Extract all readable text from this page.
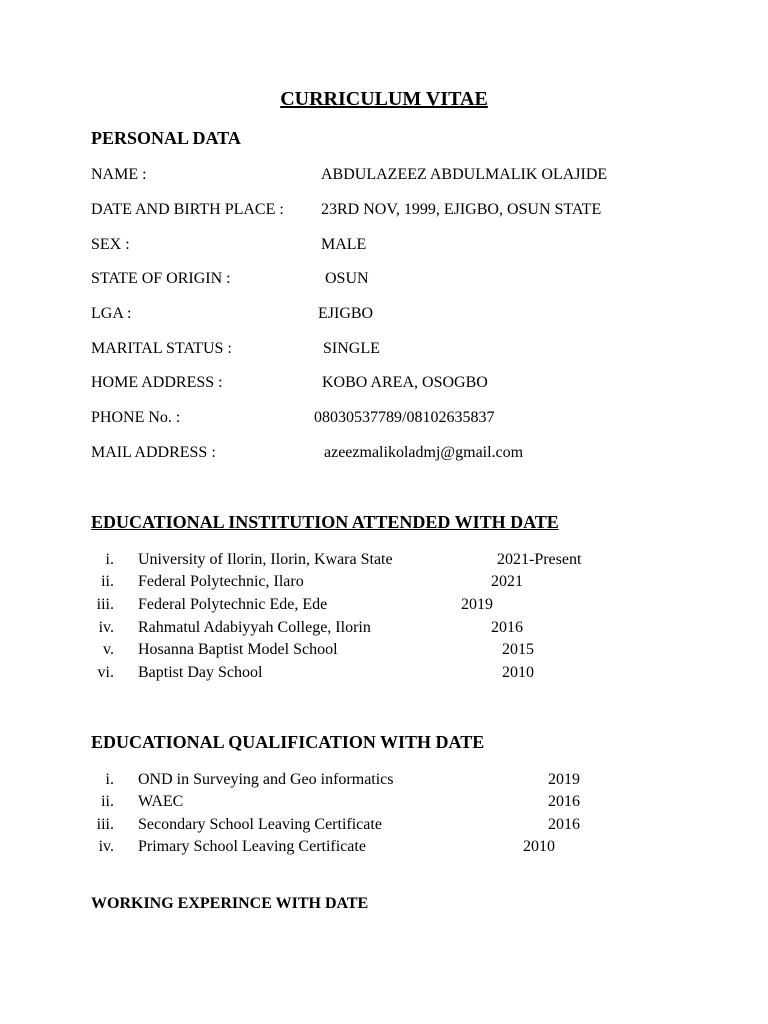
CURRICULUM VITAE
PERSONAL DATA
NAME :	ABDULAZEEZ ABDULMALIK OLAJIDE
DATE AND BIRTH PLACE : 23RD NOV, 1999, EJIGBO, OSUN STATE
SEX :	MALE
STATE OF ORIGIN :	OSUN
LGA :	EJIGBO
MARITAL STATUS :	SINGLE
HOME ADDRESS :	KOBO AREA, OSOGBO
PHONE No. :	08030537789/08102635837
MAIL ADDRESS :	azeezmalikoladmj@gmail.com
EDUCATIONAL INSTITUTION ATTENDED WITH DATE
i. University of Ilorin, Ilorin, Kwara State	2021-Present
ii. Federal Polytechnic, Ilaro	2021
iii. Federal Polytechnic Ede, Ede	2019
iv. Rahmatul Adabiyyah College, Ilorin	2016
v. Hosanna Baptist Model School	2015
vi. Baptist Day School	2010
EDUCATIONAL QUALIFICATION WITH DATE
i. OND in Surveying and Geo informatics	2019
ii. WAEC	2016
iii. Secondary School Leaving Certificate	2016
iv. Primary School Leaving Certificate	2010
WORKING EXPERINCE WITH DATE
